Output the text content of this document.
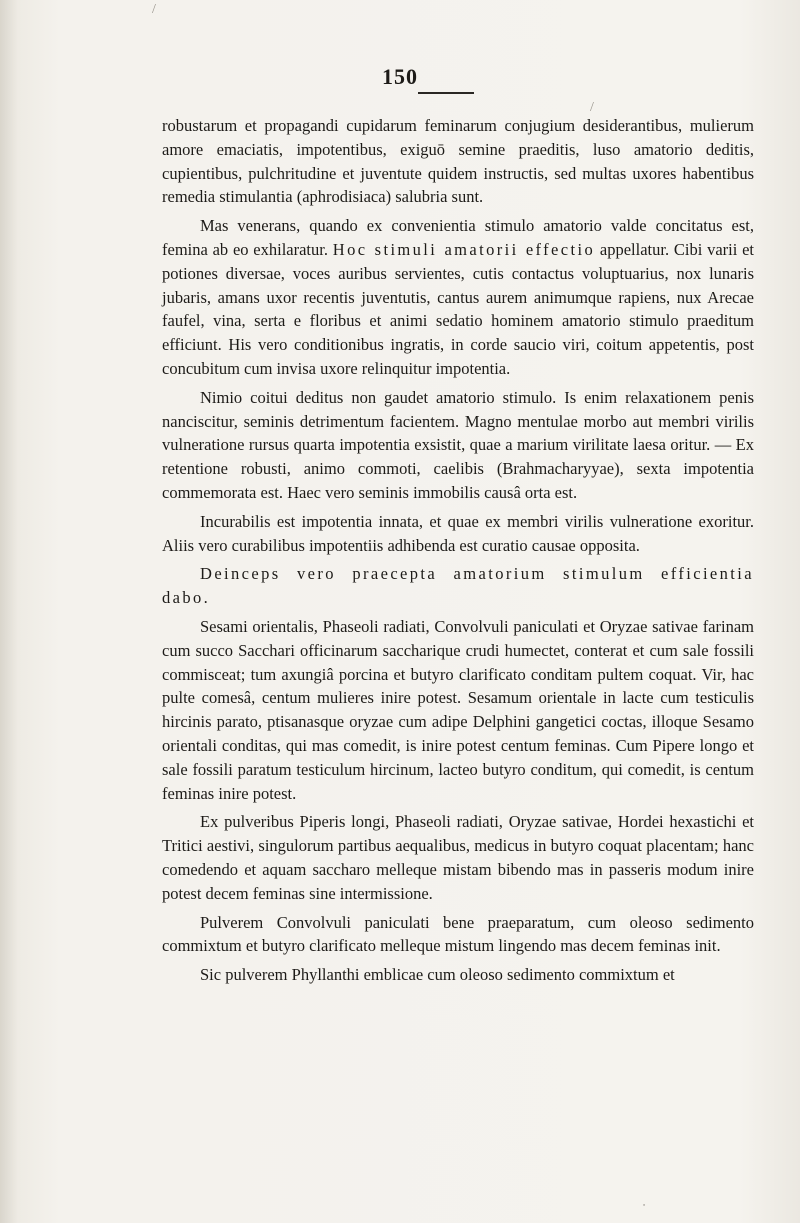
150
/
/
ᐧ

robustarum et propagandi cupidarum feminarum conjugium desiderantibus, mulierum amore emaciatis, impotentibus, exiguō semine praeditis, luso amatorio deditis, cupientibus, pulchritudine et juventute quidem instructis, sed multas uxores habentibus remedia stimulantia (aphrodisiaca) salubria sunt.

Mas venerans, quando ex convenientia stimulo amatorio valde concitatus est, femina ab eo exhilaratur. Hoc stimuli amatorii effectio appellatur. Cibi varii et potiones diversae, voces auribus servientes, cutis contactus voluptuarius, nox lunaris jubaris, amans uxor recentis juventutis, cantus aurem animumque rapiens, nux Arecae faufel, vina, serta e floribus et animi sedatio hominem amatorio stimulo praeditum efficiunt. His vero conditionibus ingratis, in corde saucio viri, coitum appetentis, post concubitum cum invisa uxore relinquitur impotentia.

Nimio coitui deditus non gaudet amatorio stimulo. Is enim relaxationem penis nanciscitur, seminis detrimentum facientem. Magno mentulae morbo aut membri virilis vulneratione rursus quarta impotentia exsistit, quae a marium virilitate laesa oritur. — Ex retentione robusti, animo commoti, caelibis (Brahmacharyyae), sexta impotentia commemorata est. Haec vero seminis immobilis causâ orta est.

Incurabilis est impotentia innata, et quae ex membri virilis vulneratione exoritur. Aliis vero curabilibus impotentiis adhibenda est curatio causae opposita.

Deinceps vero praecepta amatorium stimulum efficientia dabo.

Sesami orientalis, Phaseoli radiati, Convolvuli paniculati et Oryzae sativae farinam cum succo Sacchari officinarum saccharique crudi humectet, conterat et cum sale fossili commisceat; tum axungiâ porcina et butyro clarificato conditam pultem coquat. Vir, hac pulte comesâ, centum mulieres inire potest. Sesamum orientale in lacte cum testiculis hircinis parato, ptisanasque oryzae cum adipe Delphini gangetici coctas, illoque Sesamo orientali conditas, qui mas comedit, is inire potest centum feminas. Cum Pipere longo et sale fossili paratum testiculum hircinum, lacteo butyro conditum, qui comedit, is centum feminas inire potest.

Ex pulveribus Piperis longi, Phaseoli radiati, Oryzae sativae, Hordei hexastichi et Tritici aestivi, singulorum partibus aequalibus, medicus in butyro coquat placentam; hanc comedendo et aquam saccharo melleque mistam bibendo mas in passeris modum inire potest decem feminas sine intermissione.

Pulverem Convolvuli paniculati bene praeparatum, cum oleoso sedimento commixtum et butyro clarificato melleque mistum lingendo mas decem feminas init.

Sic pulverem Phyllanthi emblicae cum oleoso sedimento commixtum et
